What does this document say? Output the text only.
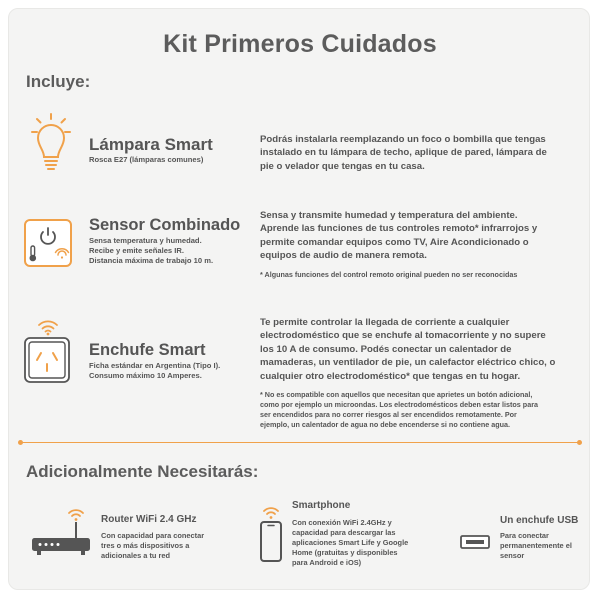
Kit Primeros Cuidados
Incluye:
Lámpara Smart
Rosca E27 (lámparas comunes)
Podrás instalarla reemplazando un foco o bombilla que tengas
instalado en tu lámpara de techo, aplique de pared, lámpara de
pie o velador que tengas en tu casa.
Sensor Combinado
Sensa temperatura y humedad.
Recibe y emite señales IR.
Distancia máxima de trabajo 10 m.
Sensa y transmite humedad y temperatura del ambiente.
Aprende las funciones de tus controles remoto* infrarrojos y
permite comandar equipos como TV, Aire Acondicionado o
equipos de audio de manera remota.
* Algunas funciones del control remoto original pueden no ser reconocidas
Enchufe Smart
Ficha estándar en Argentina (Tipo I).
Consumo máximo 10 Amperes.
Te permite controlar la llegada de corriente a cualquier
electrodoméstico que se enchufe al tomacorriente y no supere
los 10 A de consumo. Podés conectar un calentador de
mamaderas, un ventilador de pie, un calefactor eléctrico chico, o
cualquier otro electrodoméstico* que tengas en tu hogar.
* No es compatible con aquellos que necesitan que aprietes un botón adicional,
como por ejemplo un microondas. Los electrodomésticos deben estar listos para
ser encendidos para no correr riesgos al ser encendidos remotamente. Por
ejemplo, un calentador de agua no debe encenderse si no contiene agua.
Adicionalmente Necesitarás:
Router WiFi 2.4 GHz
Con capacidad para conectar
tres o más dispositivos a
adicionales a tu red
Smartphone
Con conexión WiFi 2.4GHz y
capacidad para descargar las
aplicaciones Smart Life y Google
Home (gratuitas y disponibles
para Android e iOS)
Un enchufe USB
Para conectar
permanentemente el
sensor
